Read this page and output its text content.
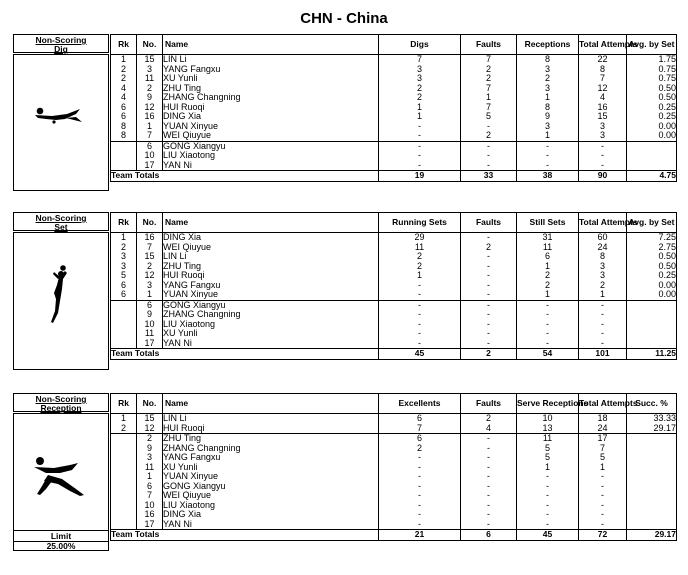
CHN - China
Non-Scoring
Dig	Rk	No.	Name	Digs	Faults	Receptions	Total Attempts	Avg. by Set
1	15	LIN Li	7	7	8	22	1.75
2	3	YANG Fangxu	3	2	3	8	0.75
2	11	XU Yunli	3	2	2	7	0.75
4	2	ZHU Ting	2	7	3	12	0.50
4	9	ZHANG Changning	2	1	1	4	0.50
6	12	HUI Ruoqi	1	7	8	16	0.25
6	16	DING Xia	1	5	9	15	0.25
8	1	YUAN Xinyue	-	-	3	3	0.00
8	7	WEI Qiuyue	-	2	1	3	0.00
	6	GONG Xiangyu	-	-	-	-	
	10	LIU Xiaotong	-	-	-	-	
	17	YAN Ni	-	-	-	-	
Team Totals			19	33	38	90	4.75
Non-Scoring
Set	Rk	No.	Name	Running Sets	Faults	Still Sets	Total Attempts	Avg. by Set
1	16	DING Xia	29	-	31	60	7.25
2	7	WEI Qiuyue	11	2	11	24	2.75
3	15	LIN Li	2	-	6	8	0.50
3	2	ZHU Ting	2	-	1	3	0.50
5	12	HUI Ruoqi	1	-	2	3	0.25
6	3	YANG Fangxu	-	-	2	2	0.00
6	1	YUAN Xinyue	-	-	1	1	0.00
	6	GONG Xiangyu	-	-	-	-	
	9	ZHANG Changning	-	-	-	-	
	10	LIU Xiaotong	-	-	-	-	
	11	XU Yunli	-	-	-	-	
	17	YAN Ni	-	-	-	-	
Team Totals			45	2	54	101	11.25
Non-Scoring
Reception
Limit
25.00%
Rk	No.	Name	Excellents	Faults	Serve Receptions	Total Attempts	Succ. %
1	15	LIN Li	6	2	10	18	33.33
2	12	HUI Ruoqi	7	4	13	24	29.17
	2	ZHU Ting	6	-	11	17	
	9	ZHANG Changning	2	-	5	7	
	3	YANG Fangxu	-	-	5	5	
	11	XU Yunli	-	-	1	1	
	1	YUAN Xinyue	-	-	-	-	
	6	GONG Xiangyu	-	-	-	-	
	7	WEI Qiuyue	-	-	-	-	
	10	LIU Xiaotong	-	-	-	-	
	16	DING Xia	-	-	-	-	
	17	YAN Ni	-	-	-	-	
Team Totals			21	6	45	72	29.17
